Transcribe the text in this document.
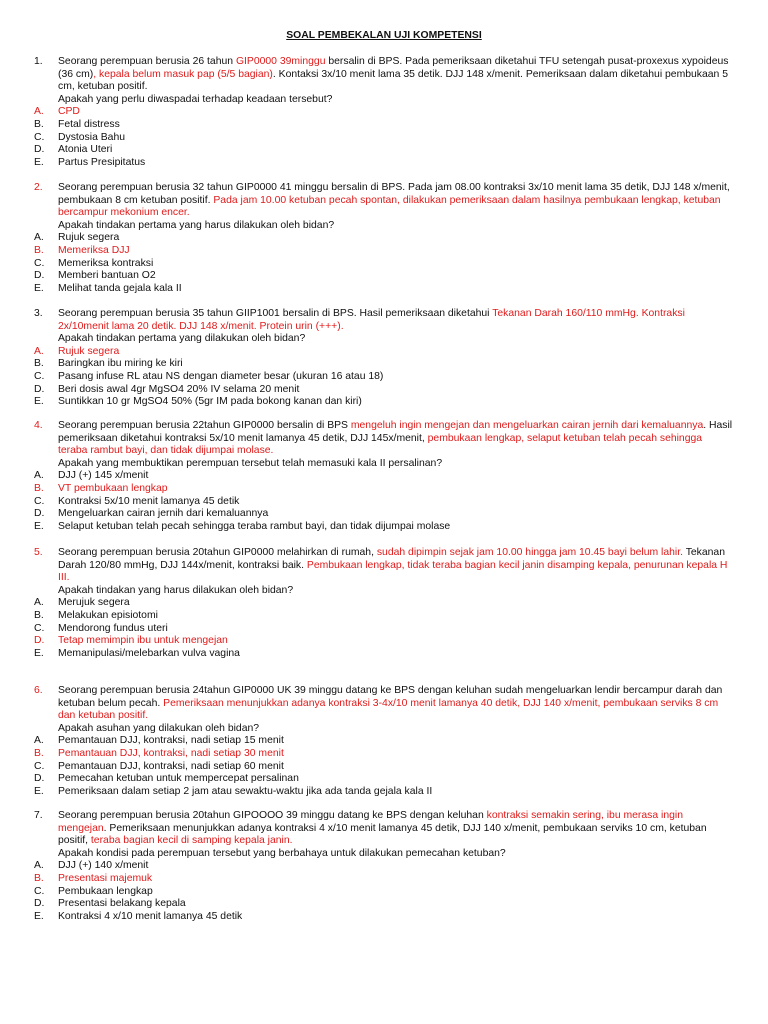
SOAL PEMBEKALAN UJI KOMPETENSI
1. Seorang perempuan berusia 26 tahun GIP0000 39minggu bersalin di BPS. Pada pemeriksaan diketahui TFU setengah pusat-proxexus xypoideus (36 cm), kepala belum masuk pap (5/5 bagian). Kontaksi 3x/10 menit lama 35 detik. DJJ 148 x/menit. Pemeriksaan dalam diketahui pembukaan 5 cm, ketuban positif.
Apakah yang perlu diwaspadai terhadap keadaan tersebut?
A. CPD
B. Fetal distress
C. Dystosia Bahu
D. Atonia Uteri
E. Partus Presipitatus
2. Seorang perempuan berusia 32 tahun GIP0000 41 minggu bersalin di BPS. Pada jam 08.00 kontraksi 3x/10 menit lama 35 detik, DJJ 148 x/menit, pembukaan 8 cm ketuban positif. Pada jam 10.00 ketuban pecah spontan, dilakukan pemeriksaan dalam hasilnya pembukaan lengkap, ketuban bercampur mekonium encer.
Apakah tindakan pertama yang harus dilakukan oleh bidan?
A. Rujuk segera
B. Memeriksa DJJ
C. Memeriksa kontraksi
D. Memberi bantuan O2
E. Melihat tanda gejala kala II
3. Seorang perempuan berusia 35 tahun GIIP1001 bersalin di BPS. Hasil pemeriksaan diketahui Tekanan Darah 160/110 mmHg. Kontraksi 2x/10menit lama 20 detik. DJJ 148 x/menit. Protein urin (+++).
Apakah tindakan pertama yang dilakukan oleh bidan?
A. Rujuk segera
B. Baringkan ibu miring ke kiri
C. Pasang infuse RL atau NS dengan diameter besar (ukuran 16 atau 18)
D. Beri dosis awal 4gr MgSO4 20% IV selama 20 menit
E. Suntikkan 10 gr MgSO4 50% (5gr IM pada bokong kanan dan kiri)
4. Seorang perempuan berusia 22tahun GIP0000 bersalin di BPS mengeluh ingin mengejan dan mengeluarkan cairan jernih dari kemaluannya. Hasil pemeriksaan diketahui kontraksi 5x/10 menit lamanya 45 detik, DJJ 145x/menit, pembukaan lengkap, selaput ketuban telah pecah sehingga teraba rambut bayi, dan tidak dijumpai molase.
Apakah yang membuktikan perempuan tersebut telah memasuki kala II persalinan?
A. DJJ (+) 145 x/menit
B. VT pembukaan lengkap
C. Kontraksi 5x/10 menit lamanya 45 detik
D. Mengeluarkan cairan jernih dari kemaluannya
E. Selaput ketuban telah pecah sehingga teraba rambut bayi, dan tidak dijumpai molase
5. Seorang perempuan berusia 20tahun GIP0000 melahirkan di rumah, sudah dipimpin sejak jam 10.00 hingga jam 10.45 bayi belum lahir. Tekanan Darah 120/80 mmHg, DJJ 144x/menit, kontraksi baik. Pembukaan lengkap, tidak teraba bagian kecil janin disamping kepala, penurunan kepala H III.
Apakah tindakan yang harus dilakukan oleh bidan?
A. Merujuk segera
B. Melakukan episiotomi
C. Mendorong fundus uteri
D. Tetap memimpin ibu untuk mengejan
E. Memanipulasi/melebarkan vulva vagina
6. Seorang perempuan berusia 24tahun GIP0000 UK 39 minggu datang ke BPS dengan keluhan sudah mengeluarkan lendir bercampur darah dan ketuban belum pecah. Pemeriksaan menunjukkan adanya kontraksi 3-4x/10 menit lamanya 40 detik, DJJ 140 x/menit, pembukaan serviks 8 cm dan ketuban positif.
Apakah asuhan yang dilakukan oleh bidan?
A. Pemantauan DJJ, kontraksi, nadi setiap 15 menit
B. Pemantauan DJJ, kontraksi, nadi setiap 30 menit
C. Pemantauan DJJ, kontraksi, nadi setiap 60 menit
D. Pemecahan ketuban untuk mempercepat persalinan
E. Pemeriksaan dalam setiap 2 jam atau sewaktu-waktu jika ada tanda gejala kala II
7. Seorang perempuan berusia 20tahun GIPOOOO 39 minggu datang ke BPS dengan keluhan kontraksi semakin sering, ibu merasa ingin mengejan. Pemeriksaan menunjukkan adanya kontraksi 4 x/10 menit lamanya 45 detik, DJJ 140 x/menit, pembukaan serviks 10 cm, ketuban positif, teraba bagian kecil di samping kepala janin.
Apakah kondisi pada perempuan tersebut yang berbahaya untuk dilakukan pemecahan ketuban?
A. DJJ (+) 140 x/menit
B. Presentasi majemuk
C. Pembukaan lengkap
D. Presentasi belakang kepala
E. Kontraksi 4 x/10 menit lamanya 45 detik
